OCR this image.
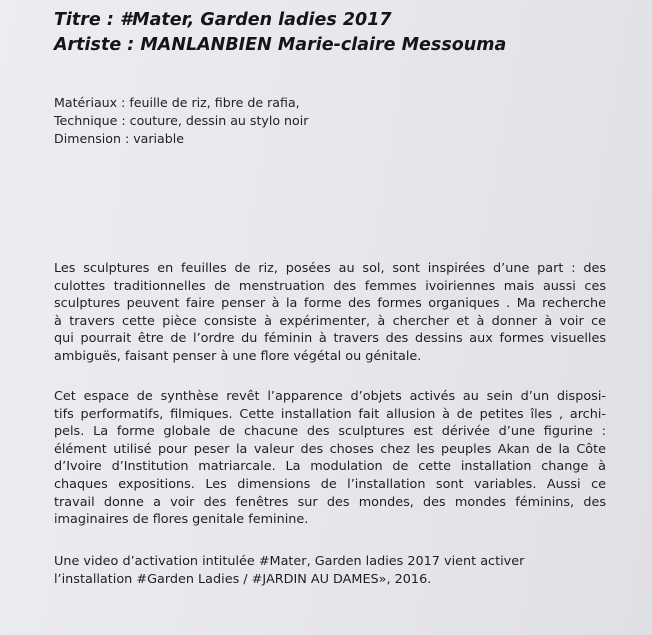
Titre : #Mater, Garden ladies 2017
Artiste : MANLANBIEN Marie-claire Messouma
Matériaux : feuille de riz, fibre de rafia,
Technique : couture, dessin au stylo noir
Dimension : variable
Les sculptures en feuilles de riz, posées au sol, sont inspirées d’une part : des
culottes traditionnelles de menstruation des femmes ivoiriennes mais aussi ces
sculptures peuvent faire penser à la forme des formes organiques . Ma recherche
à travers cette pièce consiste à expérimenter, à chercher et à donner à voir ce
qui pourrait être de l’ordre du féminin à travers des dessins aux formes visuelles
ambiguës, faisant penser à une flore végétal ou génitale.
Cet espace de synthèse revêt l’apparence d’objets activés au sein d’un disposi-
tifs performatifs, filmiques. Cette installation fait allusion à de petites îles , archi-
pels. La forme globale de chacune des sculptures est dérivée d’une figurine :
élément utilisé pour peser la valeur des choses chez les peuples Akan de la Côte
d’Ivoire d’Institution matriarcale. La modulation de cette installation change à
chaques expositions. Les dimensions de l’installation sont variables. Aussi ce
travail donne a voir des fenêtres sur des mondes, des mondes féminins, des
imaginaires de flores genitale feminine.
Une video d’activation intitulée #Mater, Garden ladies 2017 vient activer
l’installation #Garden Ladies / #JARDIN AU DAMES», 2016.
